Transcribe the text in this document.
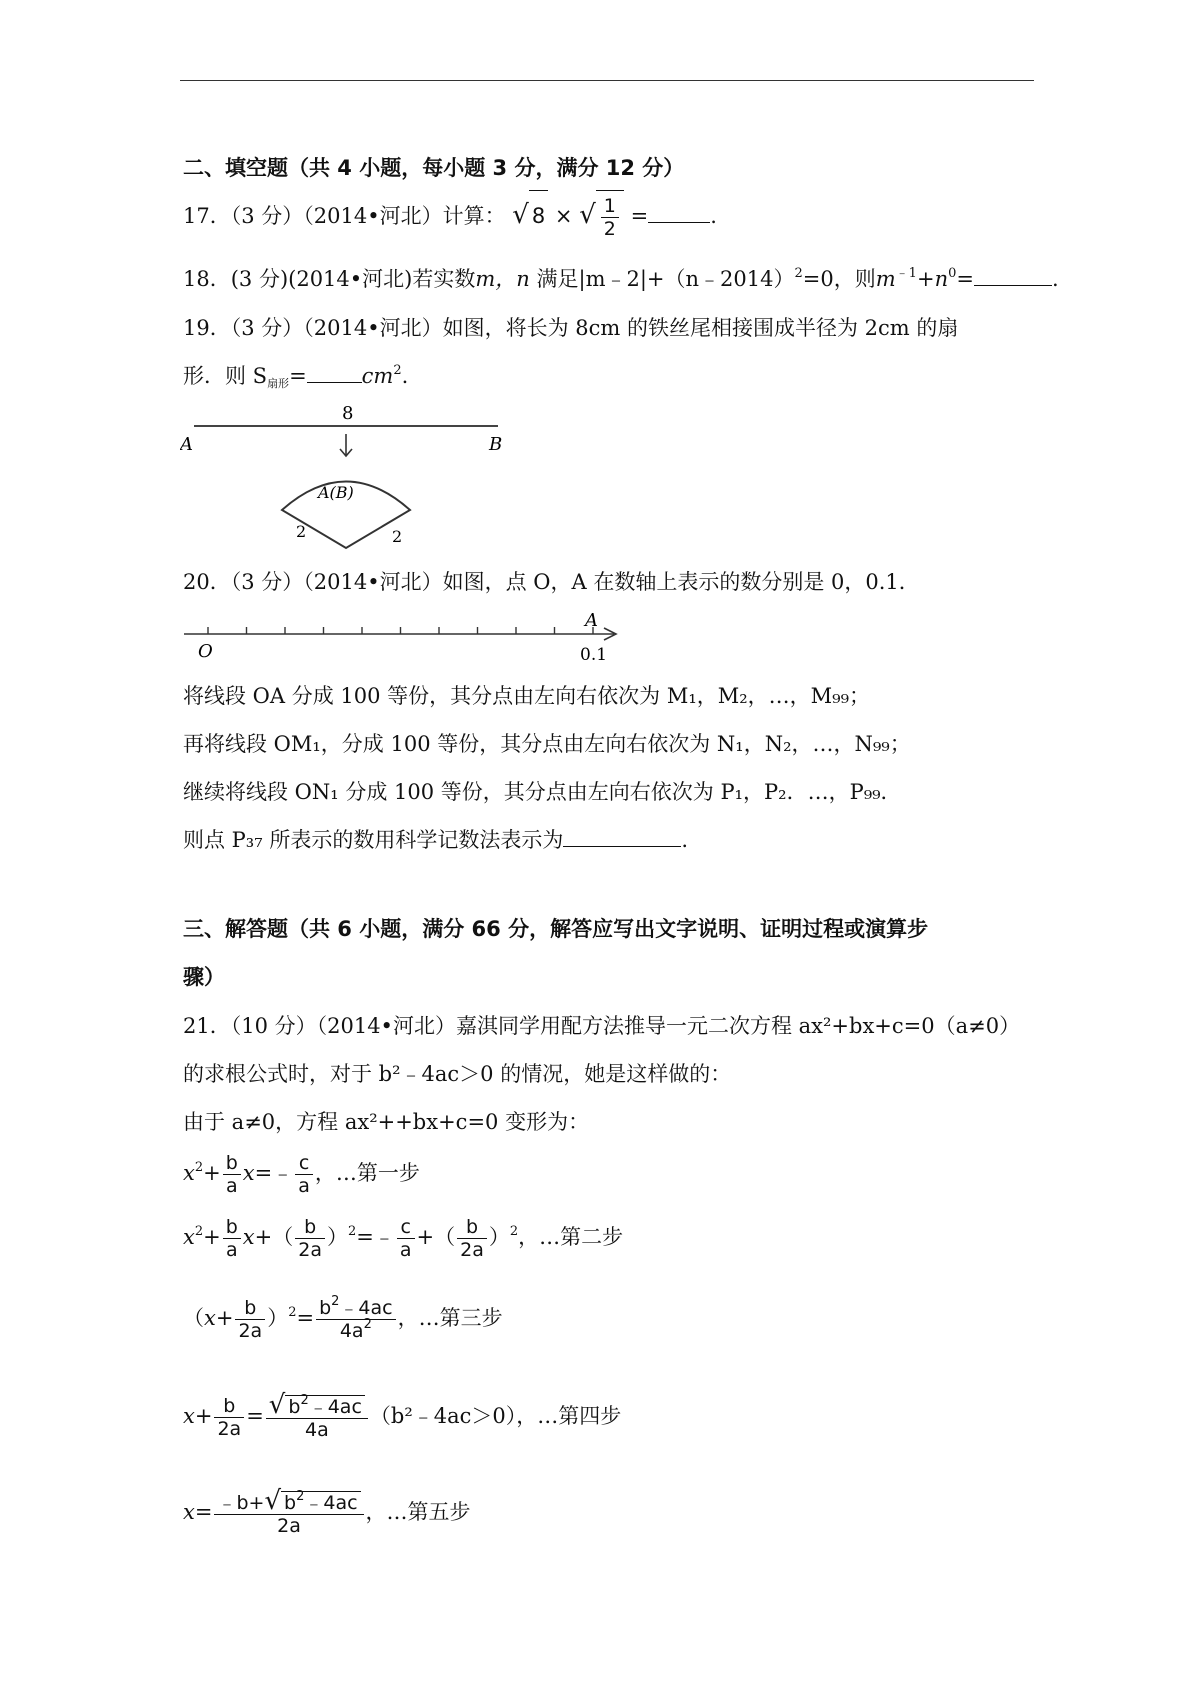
二、填空题（共 4 小题，每小题 3 分，满分 12 分）
17．（3 分）（2014•河北）计算： √ 8 × √ $\frac{1}{2}$ =	.
18．(3 分)(2014•河北)若实数m，n 满足|m﹣2|+（n﹣2014）$^2$=0，则$m^{﹣1}+n^0=$	.
19．（3 分）（2014•河北）如图，将长为 8cm 的铁丝尾相接围成半径为 2cm 的扇
形．则 S扇形=	$cm^2$.
8
A	B
A(B)
2	2
20．（3 分）（2014•河北）如图，点 O，A 在数轴上表示的数分别是 0，0.1．
O
A
0.1
将线段 OA 分成 100 等份，其分点由左向右依次为 M₁，M₂，…，M₉₉；
再将线段 OM₁，分成 100 等份，其分点由左向右依次为 N₁，N₂，…，N₉₉；
继续将线段 ON₁ 分成 100 等份，其分点由左向右依次为 P₁，P₂．…，P₉₉．
则点 P₃₇ 所表示的数用科学记数法表示为	.
三、解答题（共 6 小题，满分 66 分，解答应写出文字说明、证明过程或演算步
骤）
21．（10 分）（2014•河北）嘉淇同学用配方法推导一元二次方程 ax²+bx+c=0（a≠0）
的求根公式时，对于 b²﹣4ac＞0 的情况，她是这样做的：
由于 a≠0，方程 ax²++bx+c=0 变形为：
$x^2+ \frac{b}{a}$ x=﹣ $\frac{c}{a}$ ，…第一步
$x^2+ \frac{b}{a} x+( \frac{b}{2a}$ ）$^2=﹣ \frac{c}{a}$ +（ $\frac{b}{2a} )^2$，…第二步
$(x+ \frac{b}{2a} )^2= \frac{b^2﹣4ac}{4a^2}$ ，…第三步
$x+ \frac{b}{2a} = \frac{√ b^2﹣4ac}{4a}$ （b²﹣4ac＞0），…第四步
$x= \frac{﹣b+√ b^2﹣4ac}{2a}$ ，…第五步
